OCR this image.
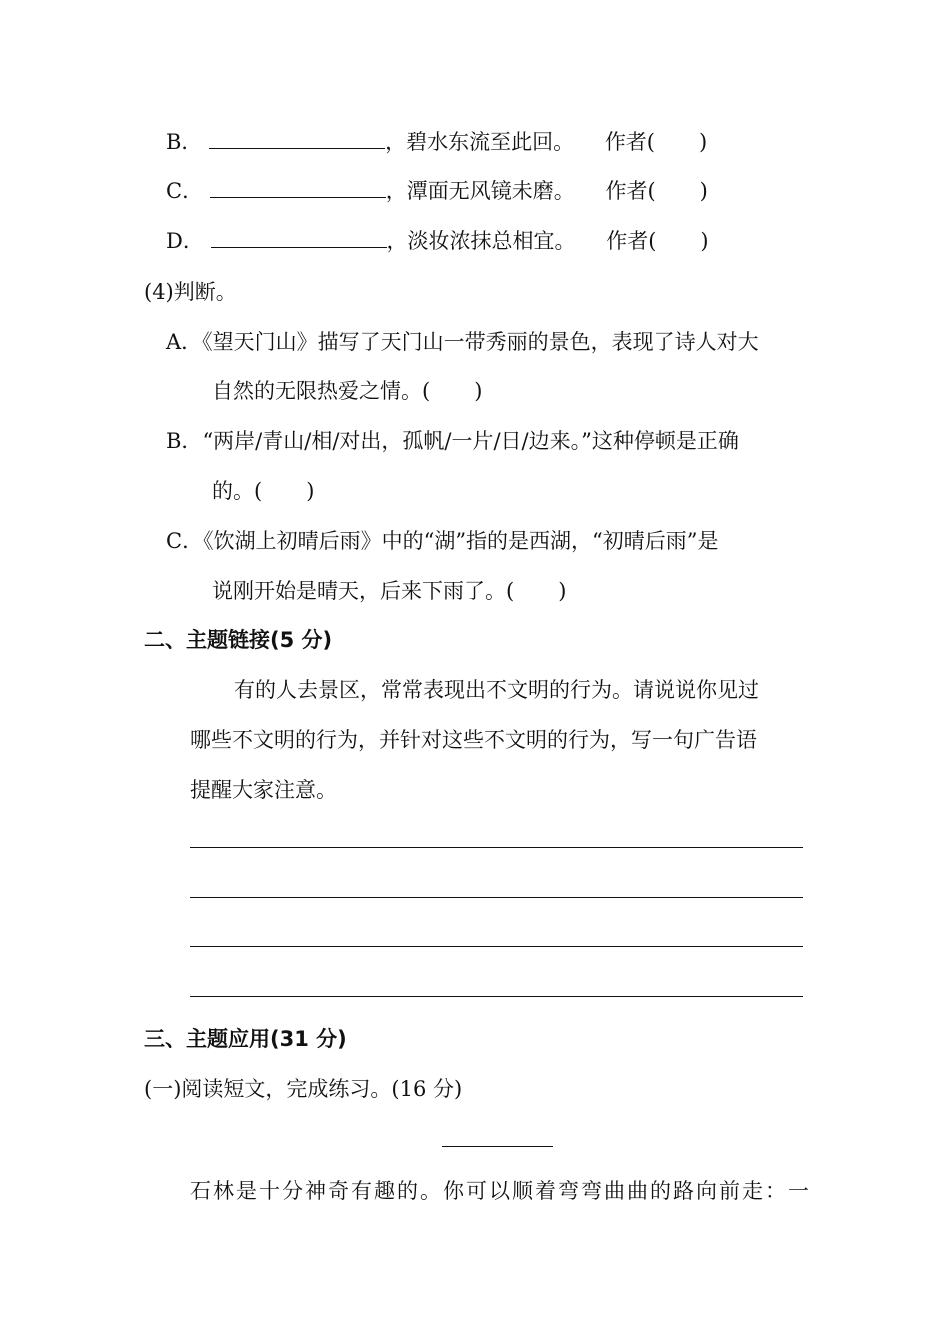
B．	，碧水东流至此回。 作者( )
C．	，潭面无风镜未磨。 作者( )
D．	，淡妆浓抹总相宜。 作者( )
(4)判断。
A．《望天门山》描写了天门山一带秀丽的景色，表现了诗人对大
自然的无限热爱之情。( )
B．“两岸/青山/相/对出，孤帆/一片/日/边来。”这种停顿是正确
的。( )
C．《饮湖上初晴后雨》中的“湖”指的是西湖，“初晴后雨”是
说刚开始是晴天，后来下雨了。( )
二、主题链接(5 分)
有的人去景区，常常表现出不文明的行为。请说说你见过
哪些不文明的行为，并针对这些不文明的行为，写一句广告语
提醒大家注意。
三、主题应用(31 分)
(一)阅读短文，完成练习。(16 分)
石林是十分神奇有趣的。你可以顺着弯弯曲曲的路向前走：一
